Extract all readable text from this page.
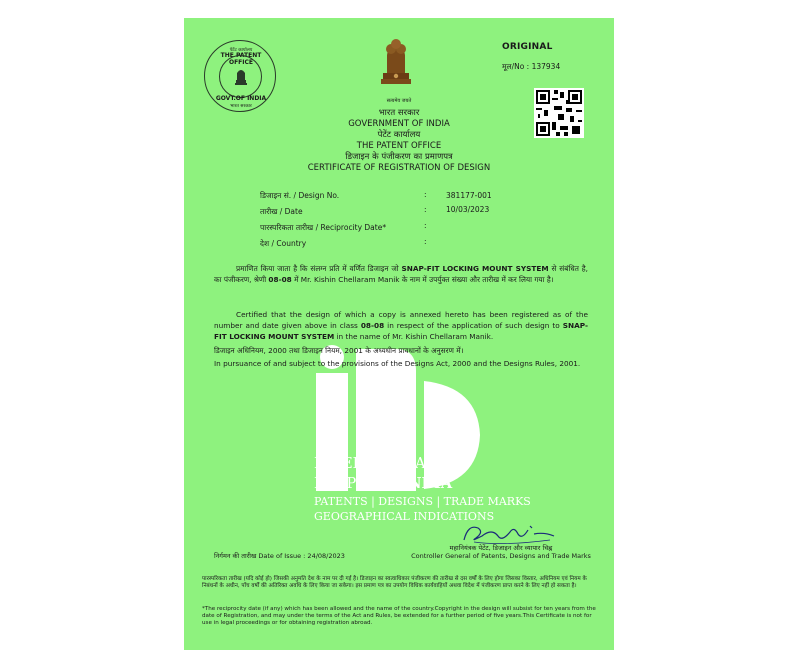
पेटेंट कार्यालय
THE PATENT OFFICE
GOVT.OF INDIA
भारत सरकार
सत्यमेव जयते
ORIGINAL
मूल/No : 137934
भारत सरकार
GOVERNMENT OF INDIA
पेटेंट कार्यालय
THE PATENT OFFICE
डिजाइन के पंजीकरण का प्रमाणपत्र
CERTIFICATE OF REGISTRATION OF DESIGN
डिजाइन सं. / Design No.	:	381177-001
तारीख / Date	:	10/03/2023
पारस्परिकता तारीख / Reciprocity Date*	:
देश / Country	:
प्रमाणित किया जाता है कि संलग्न प्रति में वर्णित डिजाइन जो SNAP-FIT LOCKING MOUNT SYSTEM से संबंधित है, का पंजीकरण, श्रेणी 08-08 में Mr. Kishin Chellaram Manik के नाम में उपर्युक्त संख्या और तारीख में कर लिया गया है।
Certified that the design of which a copy is annexed hereto has been registered as of the number and date given above in class 08-08 in respect of the application of such design to SNAP-FIT LOCKING MOUNT SYSTEM in the name of Mr. Kishin Chellaram Manik.
डिजाइन अधिनियम, 2000 तथा डिजाइन नियम, 2001 के अध्यधीन प्रावधानों के अनुसरण में।
In pursuance of and subject to the provisions of the Designs Act, 2000 and the Designs Rules, 2001.
INTELLECTUAL
PROPERTY INDIA
PATENTS | DESIGNS | TRADE MARKS
GEOGRAPHICAL INDICATIONS
निर्गमन की तारीख Date of Issue : 24/08/2023
महानियंत्रक पेटेंट, डिजाइन और व्यापार चिह्न
Controller General of Patents, Designs and Trade Marks
पारस्परिकता तारीख (यदि कोई हो) जिसकी अनुमति देश के नाम पर दी गई है। डिजाइन का स्वत्वाधिकार पंजीकरण की तारीख से दस वर्षों के लिए होगा जिसका विस्तार, अधिनियम एवं नियम के निबंधनों के अधीन, पाँच वर्षों की अतिरिक्त अवधि के लिए किया जा सकेगा। इस प्रमाण पत्र का उपयोग विधिक कार्यवाहियों अथवा विदेश में पंजीकरण प्राप्त करने के लिए नहीं हो सकता है।
*The reciprocity date (if any) which has been allowed and the name of the country.Copyright in the design will subsist for ten years from the date of Registration, and may under the terms of the Act and Rules, be extended for a further period of five years.This Certificate is not for use in legal proceedings or for obtaining registration abroad.
